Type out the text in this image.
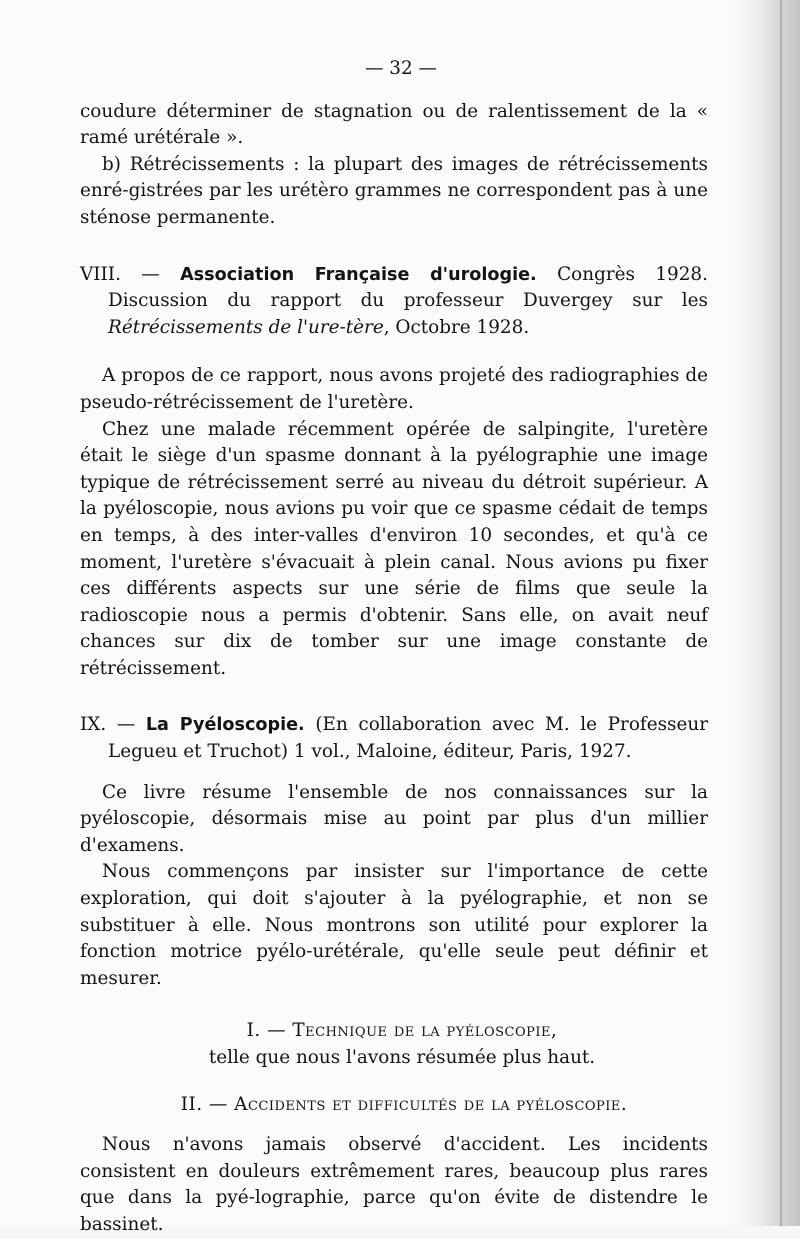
— 32 —

coudure déterminer de stagnation ou de ralentissement de la « ramé urétérale ».

b) Rétrécissements : la plupart des images de rétrécissements enré-gistrées par les urétèro grammes ne correspondent pas à une sténose permanente.

VIII. — Association Française d'urologie. Congrès 1928. Discussion du rapport du professeur Duvergey sur les Rétrécissements de l'ure-tère, Octobre 1928.

A propos de ce rapport, nous avons projeté des radiographies de pseudo-rétrécissement de l'uretère.

Chez une malade récemment opérée de salpingite, l'uretère était le siège d'un spasme donnant à la pyélographie une image typique de rétrécissement serré au niveau du détroit supérieur. A la pyéloscopie, nous avions pu voir que ce spasme cédait de temps en temps, à des inter-valles d'environ 10 secondes, et qu'à ce moment, l'uretère s'évacuait à plein canal. Nous avions pu fixer ces différents aspects sur une série de films que seule la radioscopie nous a permis d'obtenir. Sans elle, on avait neuf chances sur dix de tomber sur une image constante de rétrécissement.

IX. — La Pyéloscopie. (En collaboration avec M. le Professeur Legueu et Truchot) 1 vol., Maloine, éditeur, Paris, 1927.

Ce livre résume l'ensemble de nos connaissances sur la pyéloscopie, désormais mise au point par plus d'un millier d'examens.

Nous commençons par insister sur l'importance de cette exploration, qui doit s'ajouter à la pyélographie, et non se substituer à elle. Nous montrons son utilité pour explorer la fonction motrice pyélo-urétérale, qu'elle seule peut définir et mesurer.

I. — Technique de la pyéloscopie,

telle que nous l'avons résumée plus haut.

II. — Accidents et difficultés de la pyéloscopie.

Nous n'avons jamais observé d'accident. Les incidents consistent en douleurs extrêmement rares, beaucoup plus rares que dans la pyé-lographie, parce qu'on évite de distendre le bassinet.
